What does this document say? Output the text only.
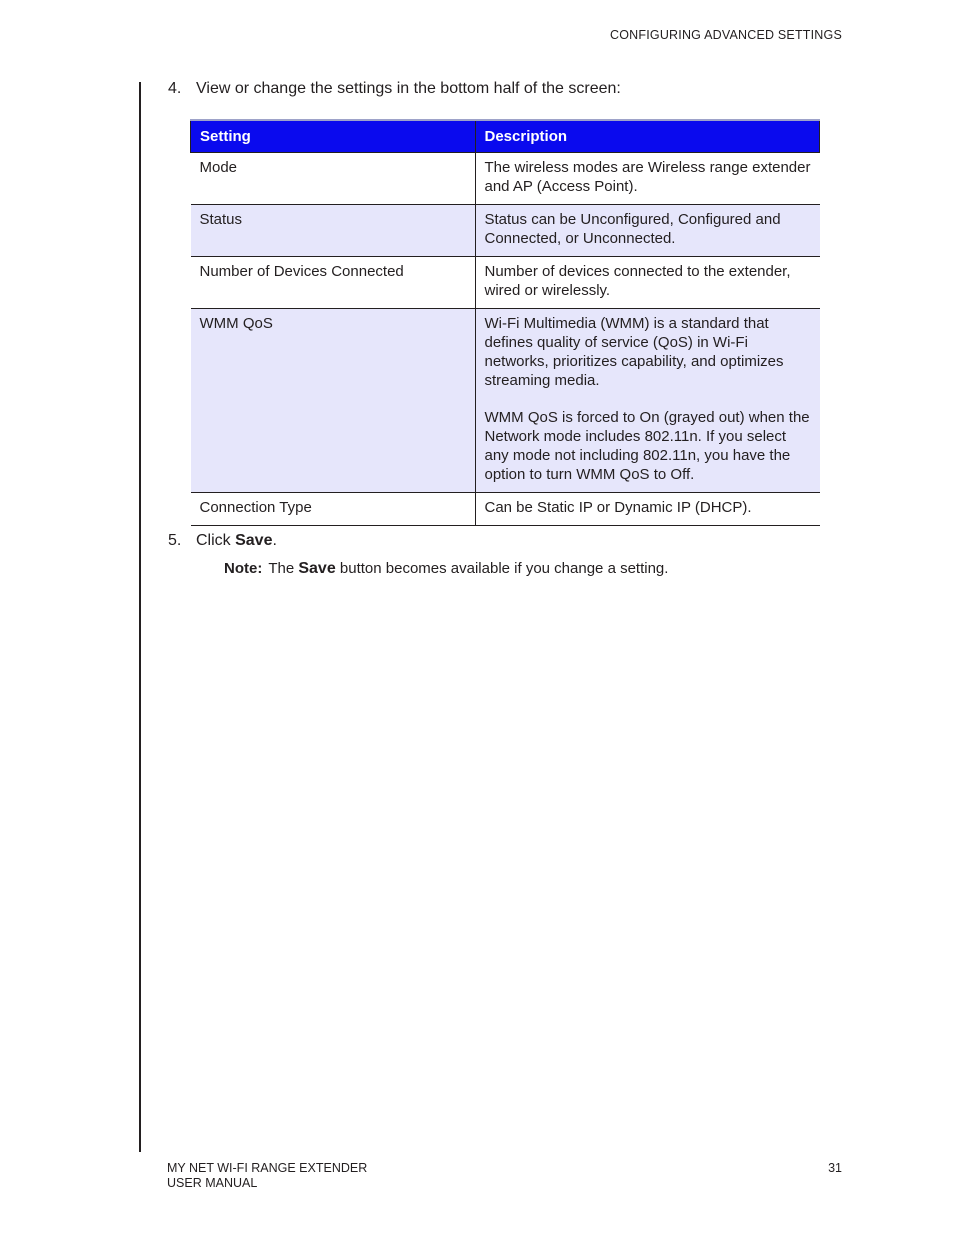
CONFIGURING ADVANCED SETTINGS
4. View or change the settings in the bottom half of the screen:
Setting	Description
Mode	The wireless modes are Wireless range extender and AP (Access Point).

Status	Status can be Unconfigured, Configured and Connected, or Unconnected.

Number of Devices Connected	Number of devices connected to the extender, wired or wirelessly.

WMM QoS	Wi-Fi Multimedia (WMM) is a standard that defines quality of service (QoS) in Wi-Fi networks, prioritizes capability, and optimizes streaming media.

WMM QoS is forced to On (grayed out) when the Network mode includes 802.11n. If you select any mode not including 802.11n, you have the option to turn WMM QoS to Off.

Connection Type	Can be Static IP or Dynamic IP (DHCP).

5. Click Save.
Note: The Save button becomes available if you change a setting.
MY NET WI-FI RANGE EXTENDER
USER MANUAL
31
